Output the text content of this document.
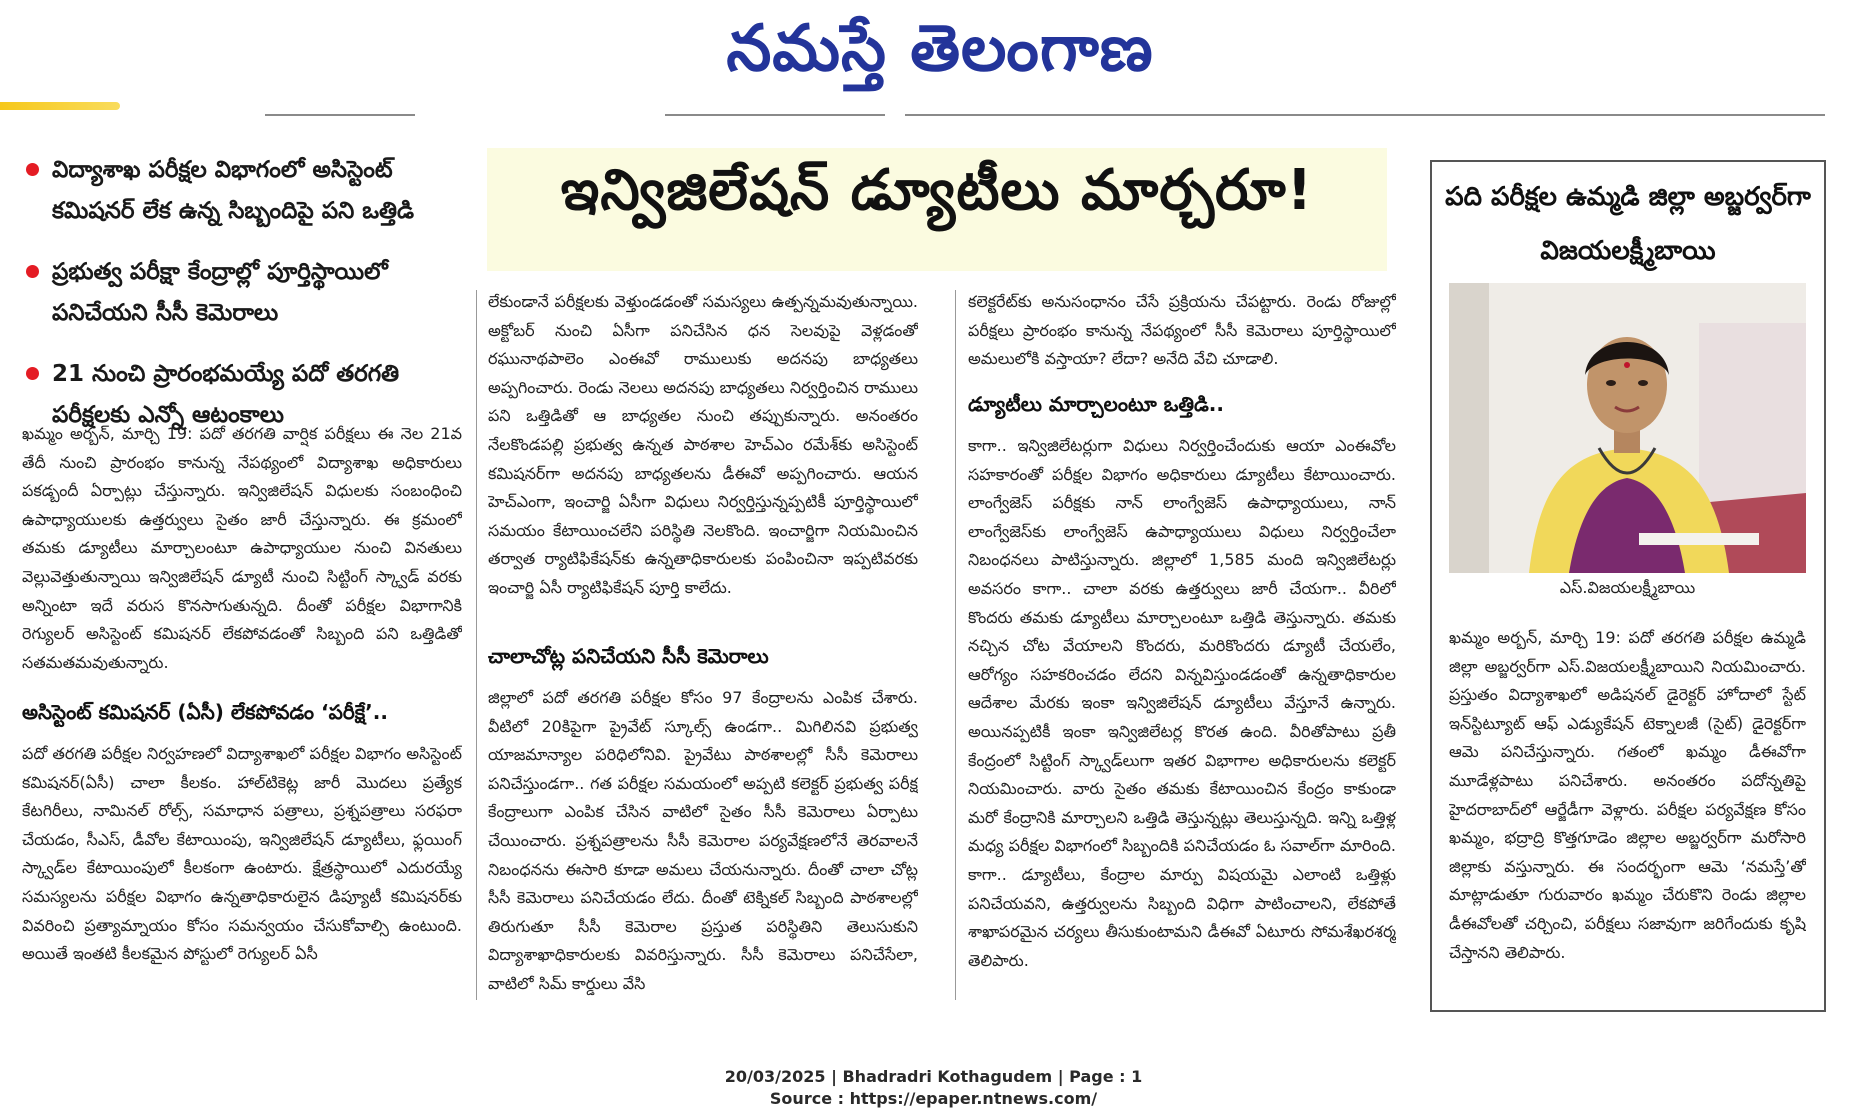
నమస్తే తెలంగాణ
విద్యాశాఖ పరీక్షల విభాగంలో అసిస్టెంట్ కమిషనర్ లేక ఉన్న సిబ్బందిపై పని ఒత్తిడి
ప్రభుత్వ పరీక్షా కేంద్రాల్లో పూర్తిస్థాయిలో పనిచేయని సీసీ కెమెరాలు
21 నుంచి ప్రారంభమయ్యే పదో తరగతి పరీక్షలకు ఎన్నో ఆటంకాలు
ఖమ్మం అర్బన్, మార్చి 19: పదో తరగతి వార్షిక పరీక్షలు ఈ నెల 21వ తేదీ నుంచి ప్రారంభం కానున్న నేపథ్యంలో విద్యాశాఖ అధికారులు పకడ్బందీ ఏర్పాట్లు చేస్తున్నారు. ఇన్విజిలేషన్ విధులకు సంబంధించి ఉపాధ్యాయులకు ఉత్తర్వులు సైతం జారీ చేస్తున్నారు. ఈ క్రమంలో తమకు డ్యూటీలు మార్చాలంటూ ఉపాధ్యాయుల నుంచి వినతులు వెల్లువెత్తుతున్నాయి ఇన్విజిలేషన్ డ్యూటీ నుంచి సిట్టింగ్ స్క్వాడ్ వరకు అన్నింటా ఇదే వరుస కొనసాగుతున్నది. దీంతో పరీక్షల విభాగానికి రెగ్యులర్ అసిస్టెంట్ కమిషనర్ లేకపోవడంతో సిబ్బంది పని ఒత్తిడితో సతమతమవుతున్నారు.
అసిస్టెంట్ కమిషనర్ (ఏసీ) లేకపోవడం ‘పరీక్షే’..
పదో తరగతి పరీక్షల నిర్వహణలో విద్యాశాఖలో పరీక్షల విభాగం అసిస్టెంట్ కమిషనర్(ఏసీ) చాలా కీలకం. హాల్‌టికెట్ల జారీ మొదలు ప్రత్యేక కేటగిరీలు, నామినల్ రోల్స్, సమాధాన పత్రాలు, ప్రశ్నపత్రాలు సరఫరా చేయడం, సీఎస్, డీవోల కేటాయింపు, ఇన్విజిలేషన్ డ్యూటీలు, ఫ్లయింగ్ స్క్వాడ్‌ల కేటాయింపులో కీలకంగా ఉంటారు. క్షేత్రస్థాయిలో ఎదురయ్యే సమస్యలను పరీక్షల విభాగం ఉన్నతాధికారులైన డిప్యూటీ కమిషనర్‌కు వివరించి ప్రత్యామ్నాయం కోసం సమన్వయం చేసుకోవాల్సి ఉంటుంది. అయితే ఇంతటి కీలకమైన పోస్టులో రెగ్యులర్ ఏసీ
ఇన్విజిలేషన్ డ్యూటీలు మార్చరూ!
లేకుండానే పరీక్షలకు వెళ్తుండడంతో సమస్యలు ఉత్పన్నమవుతున్నాయి. అక్టోబర్ నుంచి ఏసీగా పనిచేసిన ధన సెలవుపై వెళ్లడంతో రఘునాథపాలెం ఎంఈవో రాములుకు అదనపు బాధ్యతలు అప్పగించారు. రెండు నెలలు అదనపు బాధ్యతలు నిర్వర్తించిన రాములు పని ఒత్తిడితో ఆ బాధ్యతల నుంచి తప్పుకున్నారు. అనంతరం నేలకొండపల్లి ప్రభుత్వ ఉన్నత పాఠశాల హెచ్‌ఎం రమేశ్‌కు అసిస్టెంట్ కమిషనర్‌గా అదనపు బాధ్యతలను డీఈవో అప్పగించారు. ఆయన హెచ్‌ఎంగా, ఇంచార్జి ఏసీగా విధులు నిర్వర్తిస్తున్నప్పటికీ పూర్తిస్థాయిలో సమయం కేటాయించలేని పరిస్థితి నెలకొంది. ఇంచార్జిగా నియమించిన తర్వాత ర్యాటిఫికేషన్‌కు ఉన్నతాధికారులకు పంపించినా ఇప్పటివరకు ఇంచార్జి ఏసీ ర్యాటిఫికేషన్ పూర్తి కాలేదు.
చాలాచోట్ల పనిచేయని సీసీ కెమెరాలు
జిల్లాలో పదో తరగతి పరీక్షల కోసం 97 కేంద్రాలను ఎంపిక చేశారు. వీటిలో 20కిపైగా ప్రైవేట్ స్కూల్స్ ఉండగా.. మిగిలినవి ప్రభుత్వ యాజమాన్యాల పరిధిలోనివి. ప్రైవేటు పాఠశాలల్లో సీసీ కెమెరాలు పనిచేస్తుండగా.. గత పరీక్షల సమయంలో అప్పటి కలెక్టర్ ప్రభుత్వ పరీక్ష కేంద్రాలుగా ఎంపిక చేసిన వాటిలో సైతం సీసీ కెమెరాలు ఏర్పాటు చేయించారు. ప్రశ్నపత్రాలను సీసీ కెమెరాల పర్యవేక్షణలోనే తెరవాలనే నిబంధనను ఈసారి కూడా అమలు చేయనున్నారు. దీంతో చాలా చోట్ల సీసీ కెమెరాలు పనిచేయడం లేదు. దీంతో టెక్నికల్ సిబ్బంది పాఠశాలల్లో తిరుగుతూ సీసీ కెమెరాల ప్రస్తుత పరిస్థితిని తెలుసుకుని విద్యాశాఖాధికారులకు వివరిస్తున్నారు. సీసీ కెమెరాలు పనిచేసేలా, వాటిలో సిమ్ కార్డులు వేసి
కలెక్టరేట్‌కు అనుసంధానం చేసే ప్రక్రియను చేపట్టారు. రెండు రోజుల్లో పరీక్షలు ప్రారంభం కానున్న నేపథ్యంలో సీసీ కెమెరాలు పూర్తిస్థాయిలో అమలులోకి వస్తాయా? లేదా? అనేది వేచి చూడాలి.
డ్యూటీలు మార్చాలంటూ ఒత్తిడి..
కాగా.. ఇన్విజిలేటర్లుగా విధులు నిర్వర్తించేందుకు ఆయా ఎంఈవోల సహకారంతో పరీక్షల విభాగం అధికారులు డ్యూటీలు కేటాయించారు. లాంగ్వేజెస్ పరీక్షకు నాన్ లాంగ్వేజెస్ ఉపాధ్యాయులు, నాన్ లాంగ్వేజెస్‌కు లాంగ్వేజెస్ ఉపాధ్యాయులు విధులు నిర్వర్తించేలా నిబంధనలు పాటిస్తున్నారు. జిల్లాలో 1,585 మంది ఇన్విజిలేటర్లు అవసరం కాగా.. చాలా వరకు ఉత్తర్వులు జారీ చేయగా.. వీరిలో కొందరు తమకు డ్యూటీలు మార్చాలంటూ ఒత్తిడి తెస్తున్నారు. తమకు నచ్చిన చోట వేయాలని కొందరు, మరికొందరు డ్యూటీ చేయలేం, ఆరోగ్యం సహకరించడం లేదని విన్నవిస్తుండడంతో ఉన్నతాధికారుల ఆదేశాల మేరకు ఇంకా ఇన్విజిలేషన్ డ్యూటీలు వేస్తూనే ఉన్నారు. అయినప్పటికీ ఇంకా ఇన్విజిలేటర్ల కొరత ఉంది. వీరితోపాటు ప్రతీ కేంద్రంలో సిట్టింగ్ స్క్వాడ్‌లుగా ఇతర విభాగాల అధికారులను కలెక్టర్ నియమించారు. వారు సైతం తమకు కేటాయించిన కేంద్రం కాకుండా మరో కేంద్రానికి మార్చాలని ఒత్తిడి తెస్తున్నట్లు తెలుస్తున్నది. ఇన్ని ఒత్తిళ్ల మధ్య పరీక్షల విభాగంలో సిబ్బందికి పనిచేయడం ఓ సవాల్‌గా మారింది. కాగా.. డ్యూటీలు, కేంద్రాల మార్పు విషయమై ఎలాంటి ఒత్తిళ్లు పనిచేయవని, ఉత్తర్వులను సిబ్బంది విధిగా పాటించాలని, లేకపోతే శాఖాపరమైన చర్యలు తీసుకుంటామని డీఈవో ఏటూరు సోమశేఖరశర్మ తెలిపారు.
పది పరీక్షల ఉమ్మడి జిల్లా అబ్జర్వర్‌గా విజయలక్ష్మీబాయి
ఎస్.విజయలక్ష్మీబాయి
ఖమ్మం అర్బన్, మార్చి 19: పదో తరగతి పరీక్షల ఉమ్మడి జిల్లా అబ్జర్వర్‌గా ఎస్.విజయలక్ష్మీబాయిని నియమించారు. ప్రస్తుతం విద్యాశాఖలో అడిషనల్ డైరెక్టర్ హోదాలో స్టేట్ ఇన్‌స్టిట్యూట్ ఆఫ్ ఎడ్యుకేషన్ టెక్నాలజీ (సైట్) డైరెక్టర్‌గా ఆమె పనిచేస్తున్నారు. గతంలో ఖమ్మం డీఈవోగా మూడేళ్లపాటు పనిచేశారు. అనంతరం పదోన్నతిపై హైదరాబాద్‌లో ఆర్జేడీగా వెళ్లారు. పరీక్షల పర్యవేక్షణ కోసం ఖమ్మం, భద్రాద్రి కొత్తగూడెం జిల్లాల అబ్జర్వర్‌గా మరోసారి జిల్లాకు వస్తున్నారు. ఈ సందర్భంగా ఆమె ‘నమస్తే’తో మాట్లాడుతూ గురువారం ఖమ్మం చేరుకొని రెండు జిల్లాల డీఈవోలతో చర్చించి, పరీక్షలు సజావుగా జరిగేందుకు కృషి చేస్తానని తెలిపారు.
20/03/2025 | Bhadradri Kothagudem | Page : 1
Source : https://epaper.ntnews.com/
